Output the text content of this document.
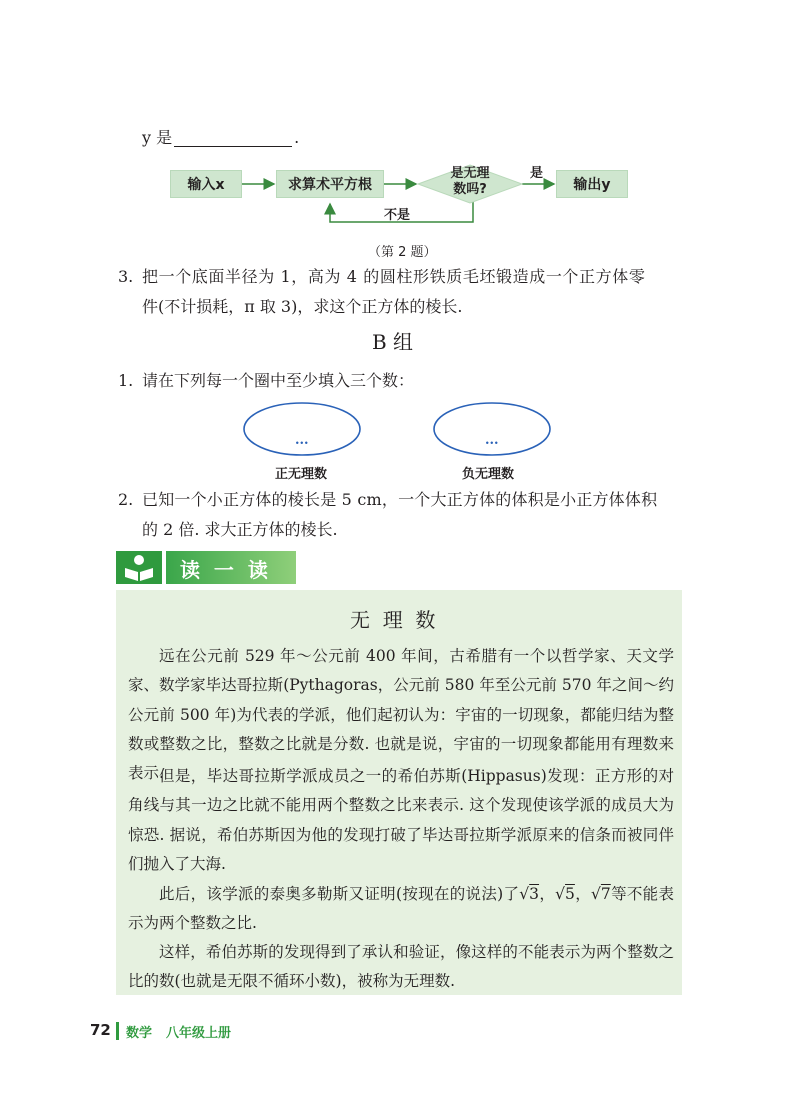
y 是	.
输入x	求算术平方根
是无理
数吗?
是
不是
输出y
（第 2 题）
3. 把一个底面半径为 1，高为 4 的圆柱形铁质毛坯锻造成一个正方体零
件(不计损耗，π 取 3)，求这个正方体的棱长.
B 组
1. 请在下列每一个圈中至少填入三个数：
...	...
正无理数	负无理数
2. 已知一个小正方体的棱长是 5 cm，一个大正方体的体积是小正方体体积
的 2 倍. 求大正方体的棱长.
读  一  读
无  理  数

远在公元前 529 年～公元前 400 年间，古希腊有一个以哲学家、天文学家、数学家毕达哥拉斯(Pythagoras，公元前 580 年至公元前 570 年之间～约公元前 500 年)为代表的学派，他们起初认为：宇宙的一切现象，都能归结为整数或整数之比，整数之比就是分数. 也就是说，宇宙的一切现象都能用有理数来表示.

但是，毕达哥拉斯学派成员之一的希伯苏斯(Hippasus)发现：正方形的对角线与其一边之比就不能用两个整数之比来表示. 这个发现使该学派的成员大为惊恐. 据说，希伯苏斯因为他的发现打破了毕达哥拉斯学派原来的信条而被同伴们抛入了大海.

此后，该学派的泰奥多勒斯又证明(按现在的说法)了√3，√5，√7等不能表示为两个整数之比.

这样，希伯苏斯的发现得到了承认和验证，像这样的不能表示为两个整数之比的数(也就是无限不循环小数)，被称为无理数.

72 数学 八年级上册
